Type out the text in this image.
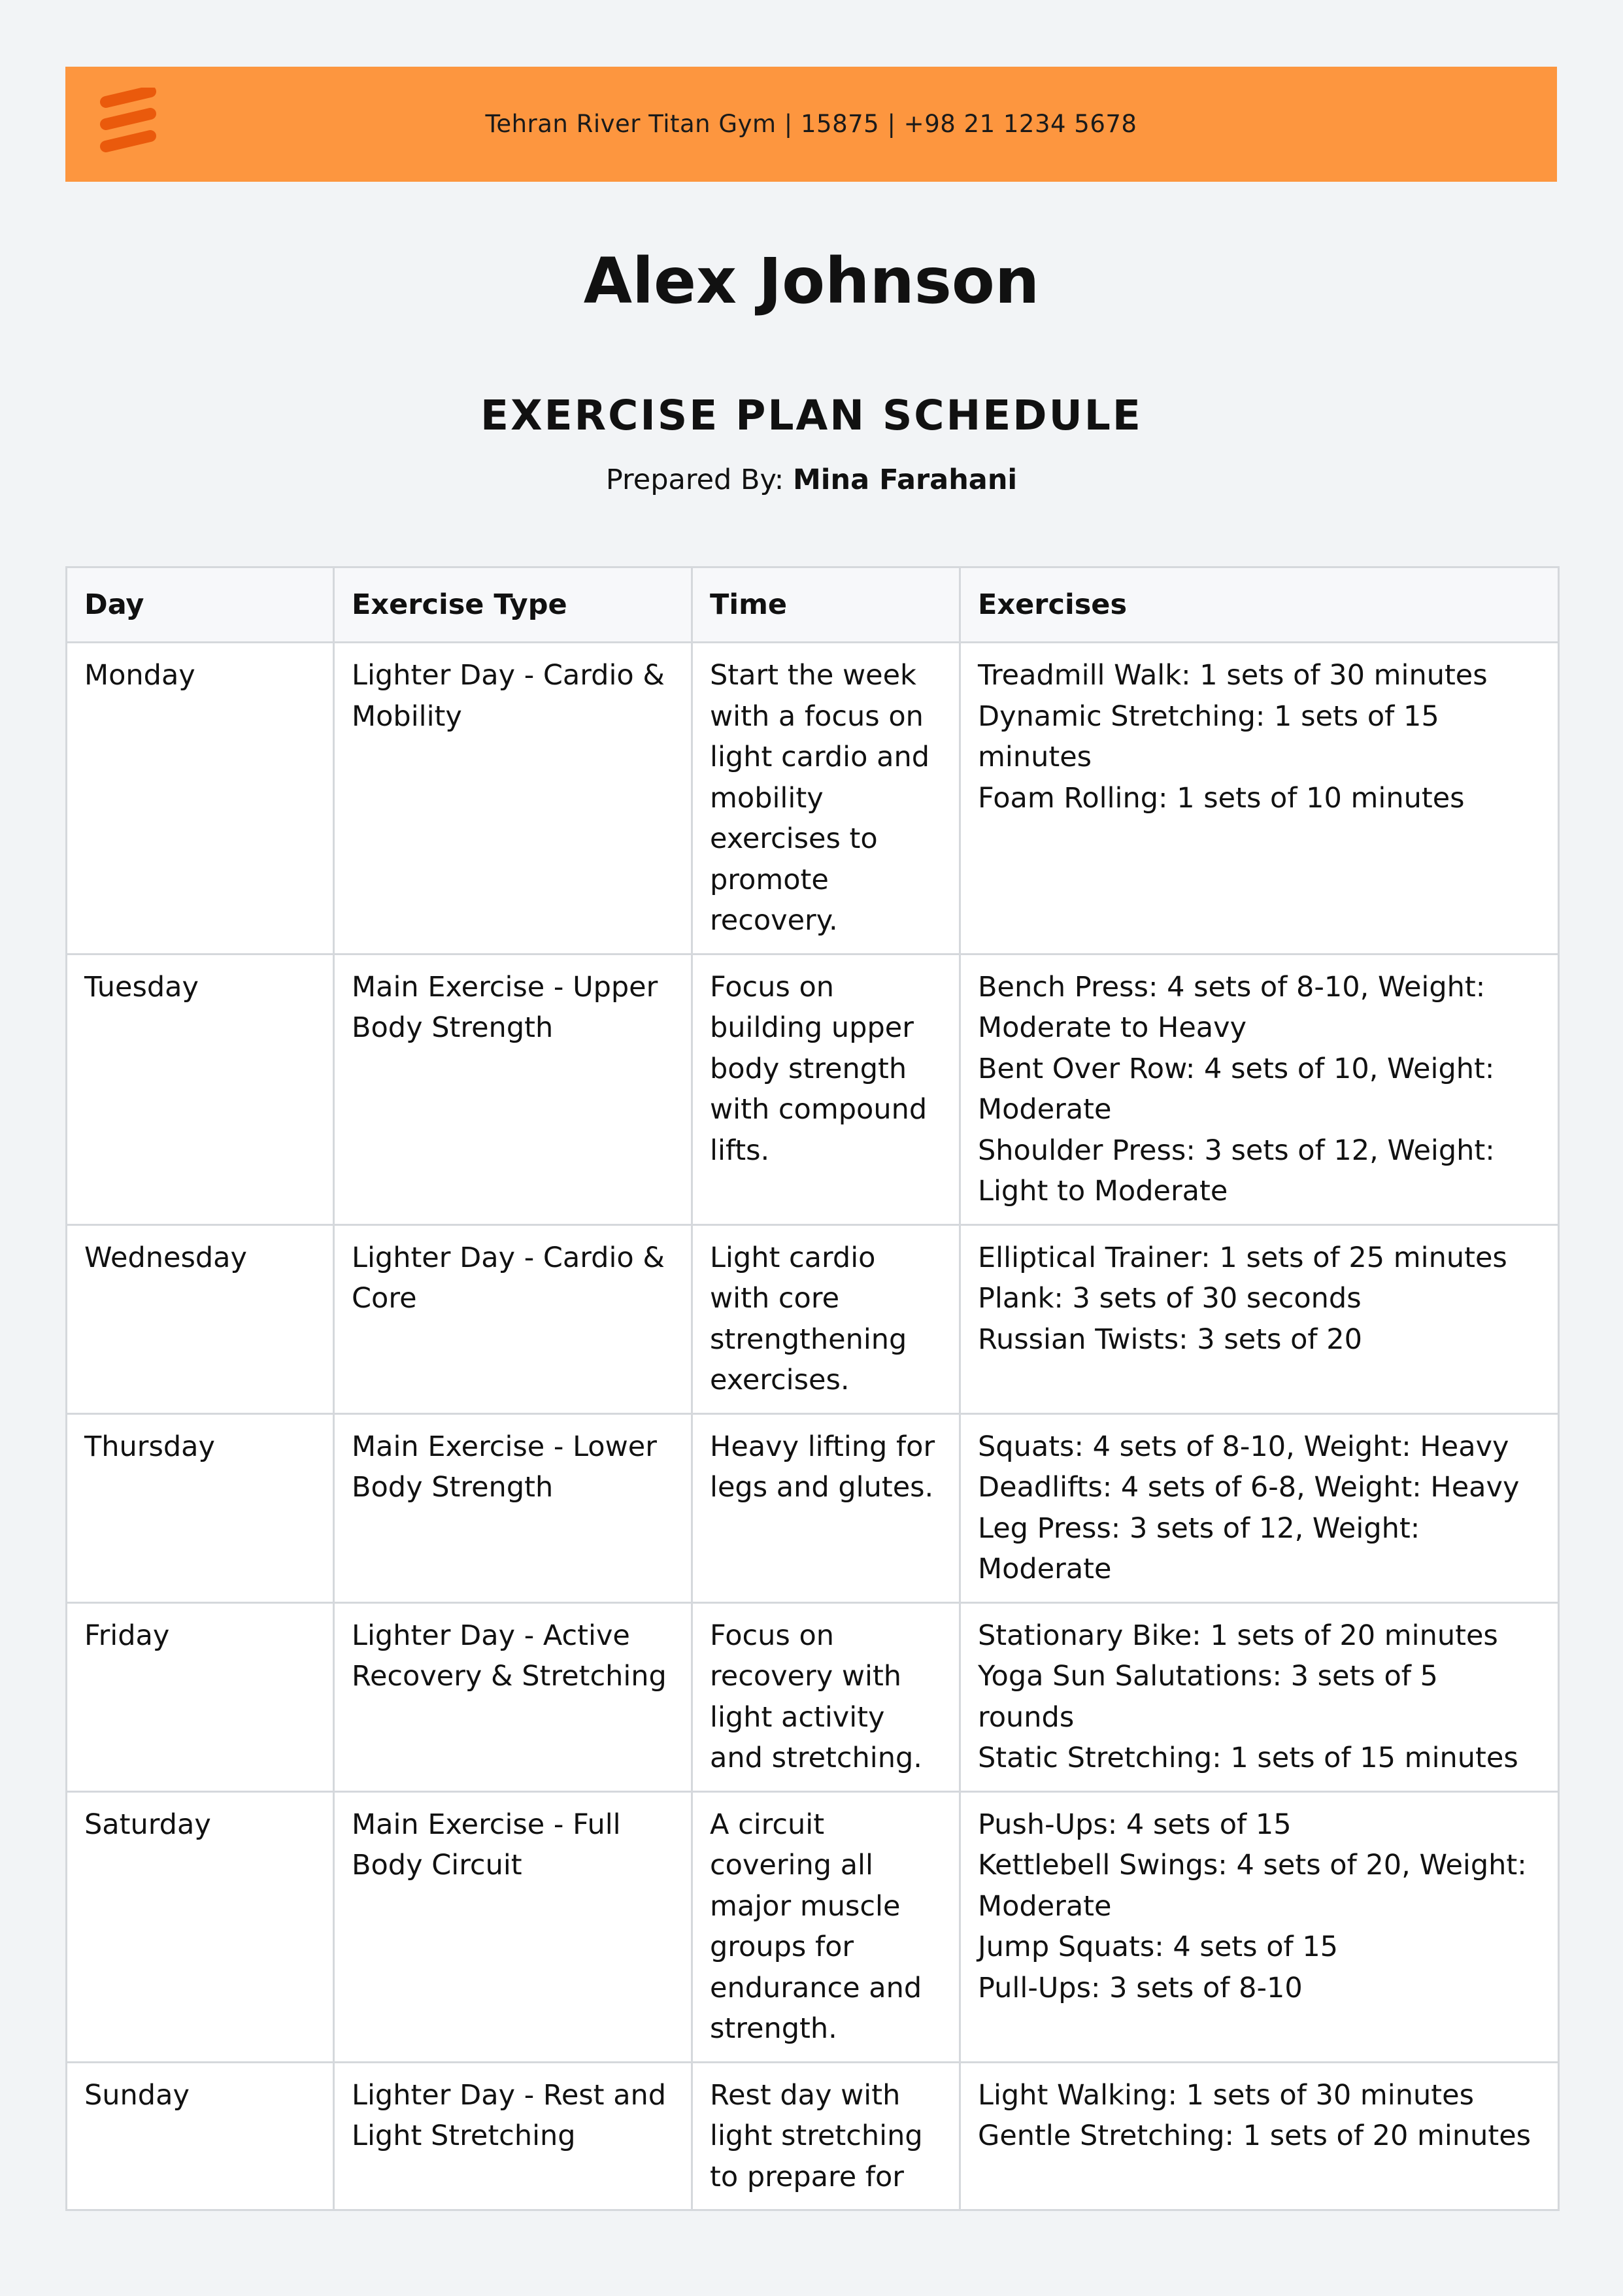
Tehran River Titan Gym | 15875 | +98 21 1234 5678
Alex Johnson
EXERCISE PLAN SCHEDULE
Prepared By: Mina Farahani
Day	Exercise Type	Time	Exercises
Monday	Lighter Day - Cardio & Mobility	Start the week with a focus on light cardio and mobility exercises to promote recovery.	Treadmill Walk: 1 sets of 30 minutes
Dynamic Stretching: 1 sets of 15 minutes
Foam Rolling: 1 sets of 10 minutes

Tuesday	Main Exercise - Upper Body Strength	Focus on building upper body strength with compound lifts.	Bench Press: 4 sets of 8-10, Weight: Moderate to Heavy
Bent Over Row: 4 sets of 10, Weight: Moderate
Shoulder Press: 3 sets of 12, Weight: Light to Moderate

Wednesday	Lighter Day - Cardio & Core	Light cardio with core strengthening exercises.	Elliptical Trainer: 1 sets of 25 minutes
Plank: 3 sets of 30 seconds
Russian Twists: 3 sets of 20

Thursday	Main Exercise - Lower Body Strength	Heavy lifting for legs and glutes.	Squats: 4 sets of 8-10, Weight: Heavy
Deadlifts: 4 sets of 6-8, Weight: Heavy
Leg Press: 3 sets of 12, Weight: Moderate

Friday	Lighter Day - Active Recovery & Stretching	Focus on recovery with light activity and stretching.	Stationary Bike: 1 sets of 20 minutes
Yoga Sun Salutations: 3 sets of 5 rounds
Static Stretching: 1 sets of 15 minutes

Saturday	Main Exercise - Full Body Circuit	A circuit covering all major muscle groups for endurance and strength.	Push-Ups: 4 sets of 15
Kettlebell Swings: 4 sets of 20, Weight: Moderate
Jump Squats: 4 sets of 15
Pull-Ups: 3 sets of 8-10

Sunday	Lighter Day - Rest and Light Stretching	Rest day with light stretching to prepare for	Light Walking: 1 sets of 30 minutes
Gentle Stretching: 1 sets of 20 minutes
